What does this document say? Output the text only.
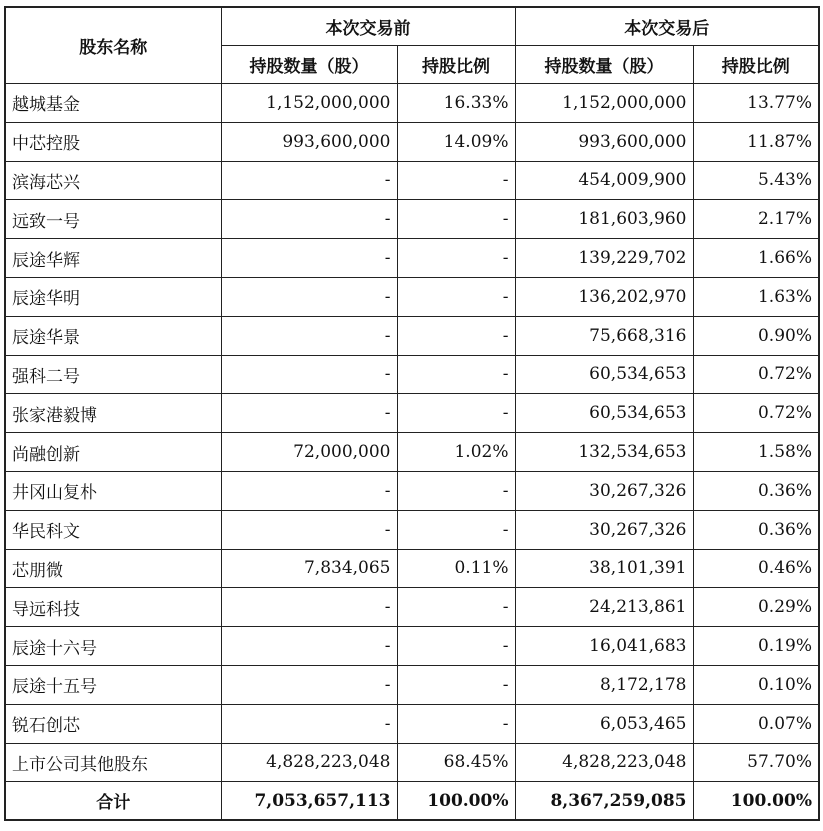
股东名称	本次交易前		本次交易后	
	持股数量（股）	持股比例	持股数量（股）	持股比例
越城基金	1,152,000,000	16.33%	1,152,000,000	13.77%
中芯控股	993,600,000	14.09%	993,600,000	11.87%
滨海芯兴	-	-	454,009,900	5.43%
远致一号	-	-	181,603,960	2.17%
辰途华辉	-	-	139,229,702	1.66%
辰途华明	-	-	136,202,970	1.63%
辰途华景	-	-	75,668,316	0.90%
强科二号	-	-	60,534,653	0.72%
张家港毅博	-	-	60,534,653	0.72%
尚融创新	72,000,000	1.02%	132,534,653	1.58%
井冈山复朴	-	-	30,267,326	0.36%
华民科文	-	-	30,267,326	0.36%
芯朋微	7,834,065	0.11%	38,101,391	0.46%
导远科技	-	-	24,213,861	0.29%
辰途十六号	-	-	16,041,683	0.19%
辰途十五号	-	-	8,172,178	0.10%
锐石创芯	-	-	6,053,465	0.07%
上市公司其他股东	4,828,223,048	68.45%	4,828,223,048	57.70%
合计	7,053,657,113	100.00%	8,367,259,085	100.00%
